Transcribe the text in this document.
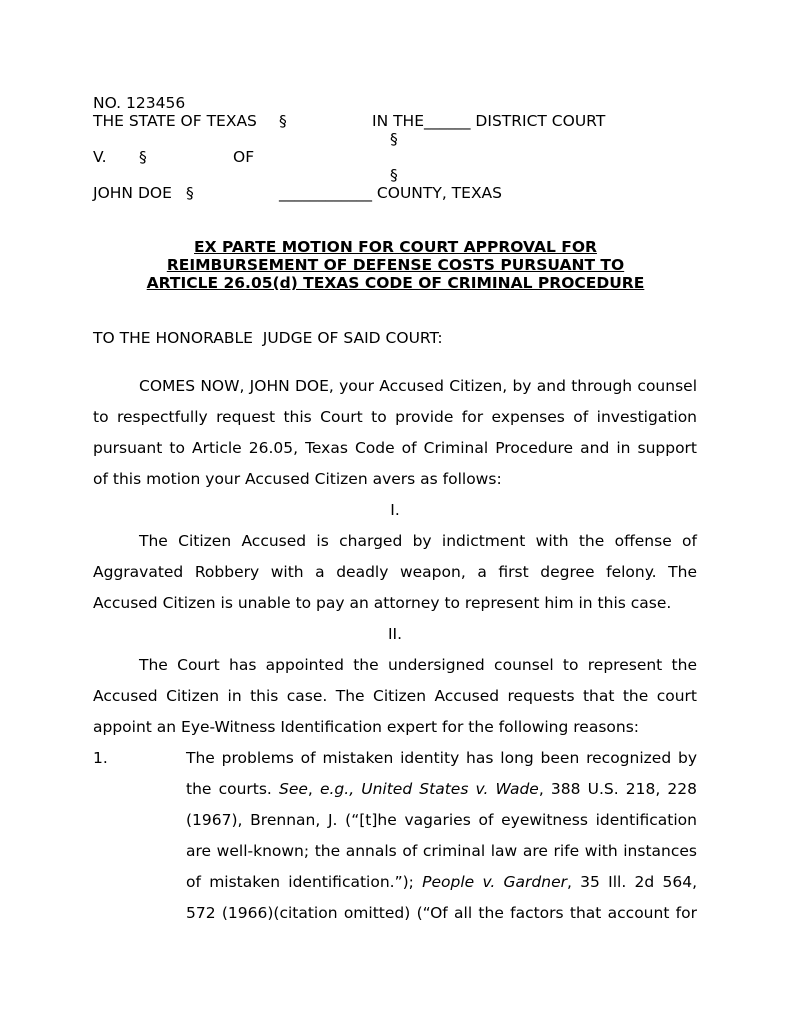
NO. 123456
THE STATE OF TEXAS §	IN THE______ DISTRICT COURT
§
V. §	OF
§
JOHN DOE §	____________ COUNTY, TEXAS
EX PARTE MOTION FOR COURT APPROVAL FOR
REIMBURSEMENT OF DEFENSE COSTS PURSUANT TO
ARTICLE 26.05(d) TEXAS CODE OF CRIMINAL PROCEDURE
TO THE HONORABLE  JUDGE OF SAID COURT:
COMES NOW, JOHN DOE, your Accused Citizen, by and through counsel
to respectfully request this Court to provide for expenses of investigation
pursuant to Article 26.05, Texas Code of Criminal Procedure and in support
of this motion your Accused Citizen avers as follows:
I.
The Citizen Accused is charged by indictment with the offense of
Aggravated Robbery with a deadly weapon, a first degree felony. The
Accused Citizen is unable to pay an attorney to represent him in this case.
II.
The Court has appointed the undersigned counsel to represent the
Accused Citizen in this case. The Citizen Accused requests that the court
appoint an Eye-Witness Identification expert for the following reasons:
1.	The problems of mistaken identity has long been recognized by
the courts. See, e.g., United States v. Wade, 388 U.S. 218, 228
(1967), Brennan, J. (“[t]he vagaries of eyewitness identification
are well-known; the annals of criminal law are rife with instances
of mistaken identification.”); People v. Gardner, 35 Ill. 2d 564,
572 (1966)(citation omitted) (“Of all the factors that account for
